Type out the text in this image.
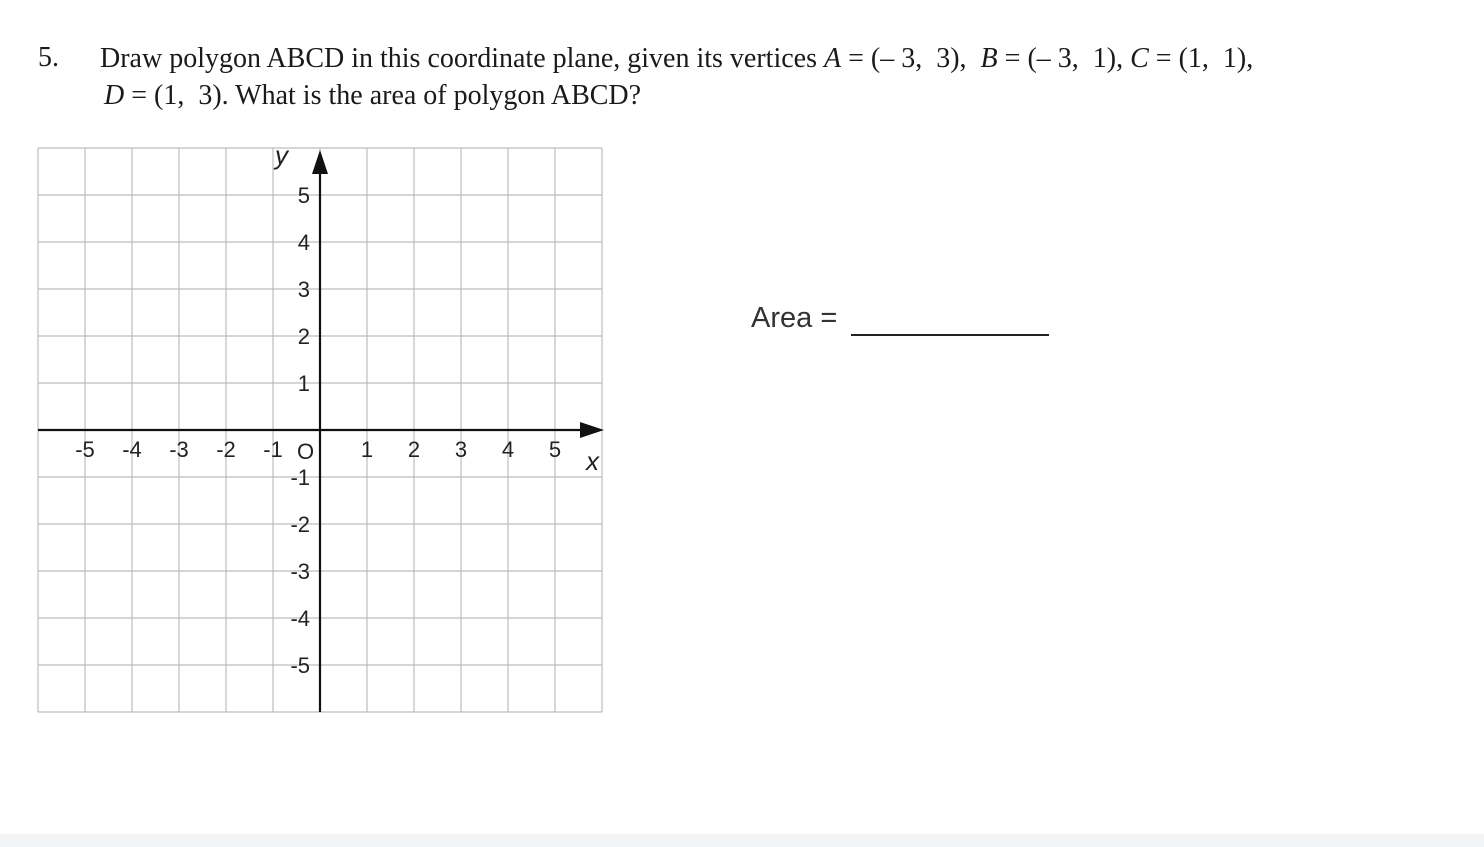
5. Draw polygon ABCD in this coordinate plane, given its vertices A = (– 3,  3),  B = (– 3,  1), C = (1,  1),
D = (1,  3). What is the area of polygon ABCD?
-5 -4 -3 -2 -1	1 2 3 4 5
5
4
3
2
1
-1
-2
-3
-4
-5
x
y
O
Area =
